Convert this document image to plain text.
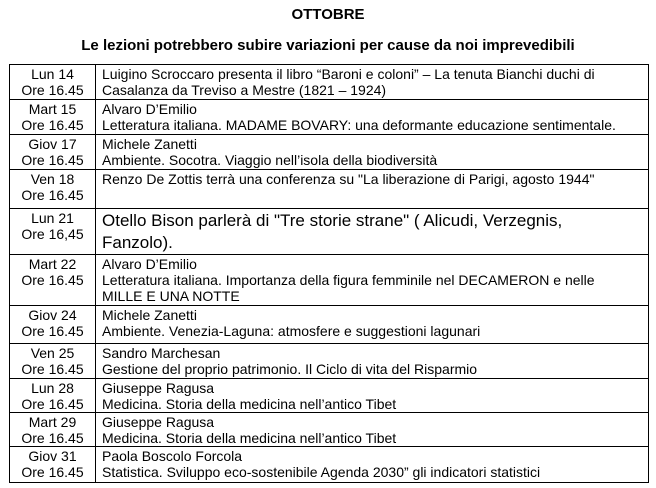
OTTOBRE
Le lezioni potrebbero subire variazioni per cause da noi imprevedibili
Lun 14
Ore 16.45	Luigino Scroccaro presenta il libro “Baroni e coloni” – La tenuta Bianchi duchi di
Casalanza da Treviso a Mestre (1821 – 1924)

Mart 15
Ore 16.45	Alvaro D’Emilio
Letteratura italiana. MADAME BOVARY: una deformante educazione sentimentale.

Giov 17
Ore 16.45	Michele Zanetti
Ambiente. Socotra. Viaggio nell’isola della biodiversità

Ven 18
Ore 16.45	Renzo De Zottis terrà una conferenza su "La liberazione di Parigi, agosto 1944"

Lun 21
Ore 16,45	Otello Bison parlerà di "Tre storie strane" ( Alicudi, Verzegnis,
Fanzolo).

Mart 22
Ore 16.45	Alvaro D’Emilio
Letteratura italiana. Importanza della figura femminile nel DECAMERON e nelle
MILLE E UNA NOTTE

Giov 24
Ore 16.45	Michele Zanetti
Ambiente. Venezia-Laguna: atmosfere e suggestioni lagunari

Ven 25
Ore 16.45	Sandro Marchesan
Gestione del proprio patrimonio. Il Ciclo di vita del Risparmio

Lun 28
Ore 16.45	Giuseppe Ragusa
Medicina. Storia della medicina nell’antico Tibet

Mart 29
Ore 16.45	Giuseppe Ragusa
Medicina. Storia della medicina nell’antico Tibet

Giov 31
Ore 16.45	Paola Boscolo Forcola
Statistica. Sviluppo eco-sostenibile Agenda 2030” gli indicatori statistici
